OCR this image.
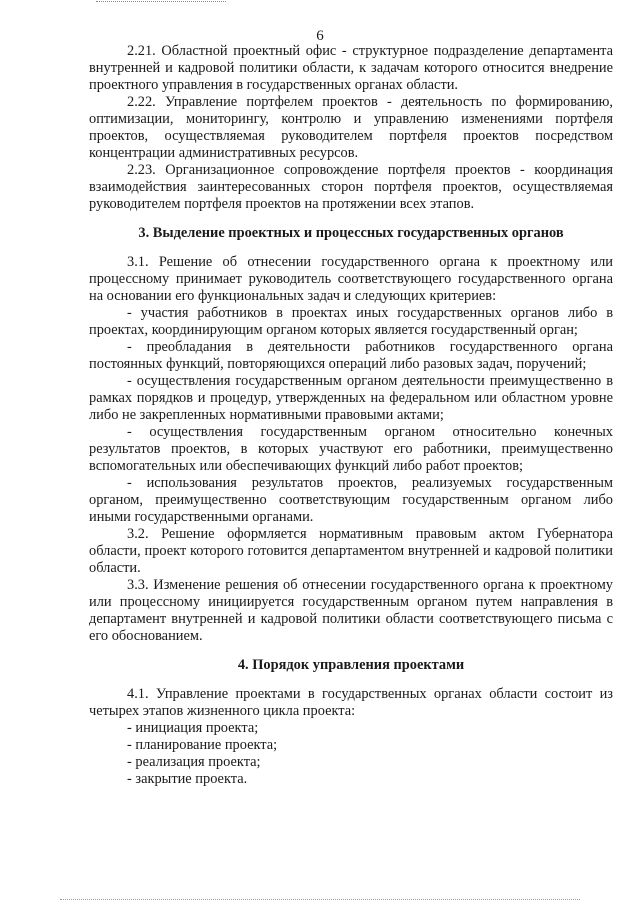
6

2.21. Областной проектный офис - структурное подразделение департамента внутренней и кадровой политики области, к задачам которого относится внедрение проектного управления в государственных органах области.

2.22. Управление портфелем проектов - деятельность по формированию, оптимизации, мониторингу, контролю и управлению изменениями портфеля проектов, осуществляемая руководителем портфеля проектов посредством концентрации административных ресурсов.

2.23. Организационное сопровождение портфеля проектов - координация взаимодействия заинтересованных сторон портфеля проектов, осуществляемая руководителем портфеля проектов на протяжении всех этапов.

3. Выделение проектных и процессных государственных органов

3.1. Решение об отнесении государственного органа к проектному или процессному принимает руководитель соответствующего государственного органа на основании его функциональных задач и следующих критериев:

- участия работников в проектах иных государственных органов либо в проектах, координирующим органом которых является государственный орган;

- преобладания в деятельности работников государственного органа постоянных функций, повторяющихся операций либо разовых задач, поручений;

- осуществления государственным органом деятельности преимущественно в рамках порядков и процедур, утвержденных на федеральном или областном уровне либо не закрепленных нормативными правовыми актами;

- осуществления государственным органом относительно конечных результатов проектов, в которых участвуют его работники, преимущественно вспомогательных или обеспечивающих функций либо работ проектов;

- использования результатов проектов, реализуемых государственным органом, преимущественно соответствующим государственным органом либо иными государственными органами.

3.2. Решение оформляется нормативным правовым актом Губернатора области, проект которого готовится департаментом внутренней и кадровой политики области.

3.3. Изменение решения об отнесении государственного органа к проектному или процессному инициируется государственным органом путем направления в департамент внутренней и кадровой политики области соответствующего письма с его обоснованием.

4. Порядок управления проектами

4.1. Управление проектами в государственных органах области состоит из четырех этапов жизненного цикла проекта:

- инициация проекта;

- планирование проекта;

- реализация проекта;

- закрытие проекта.
